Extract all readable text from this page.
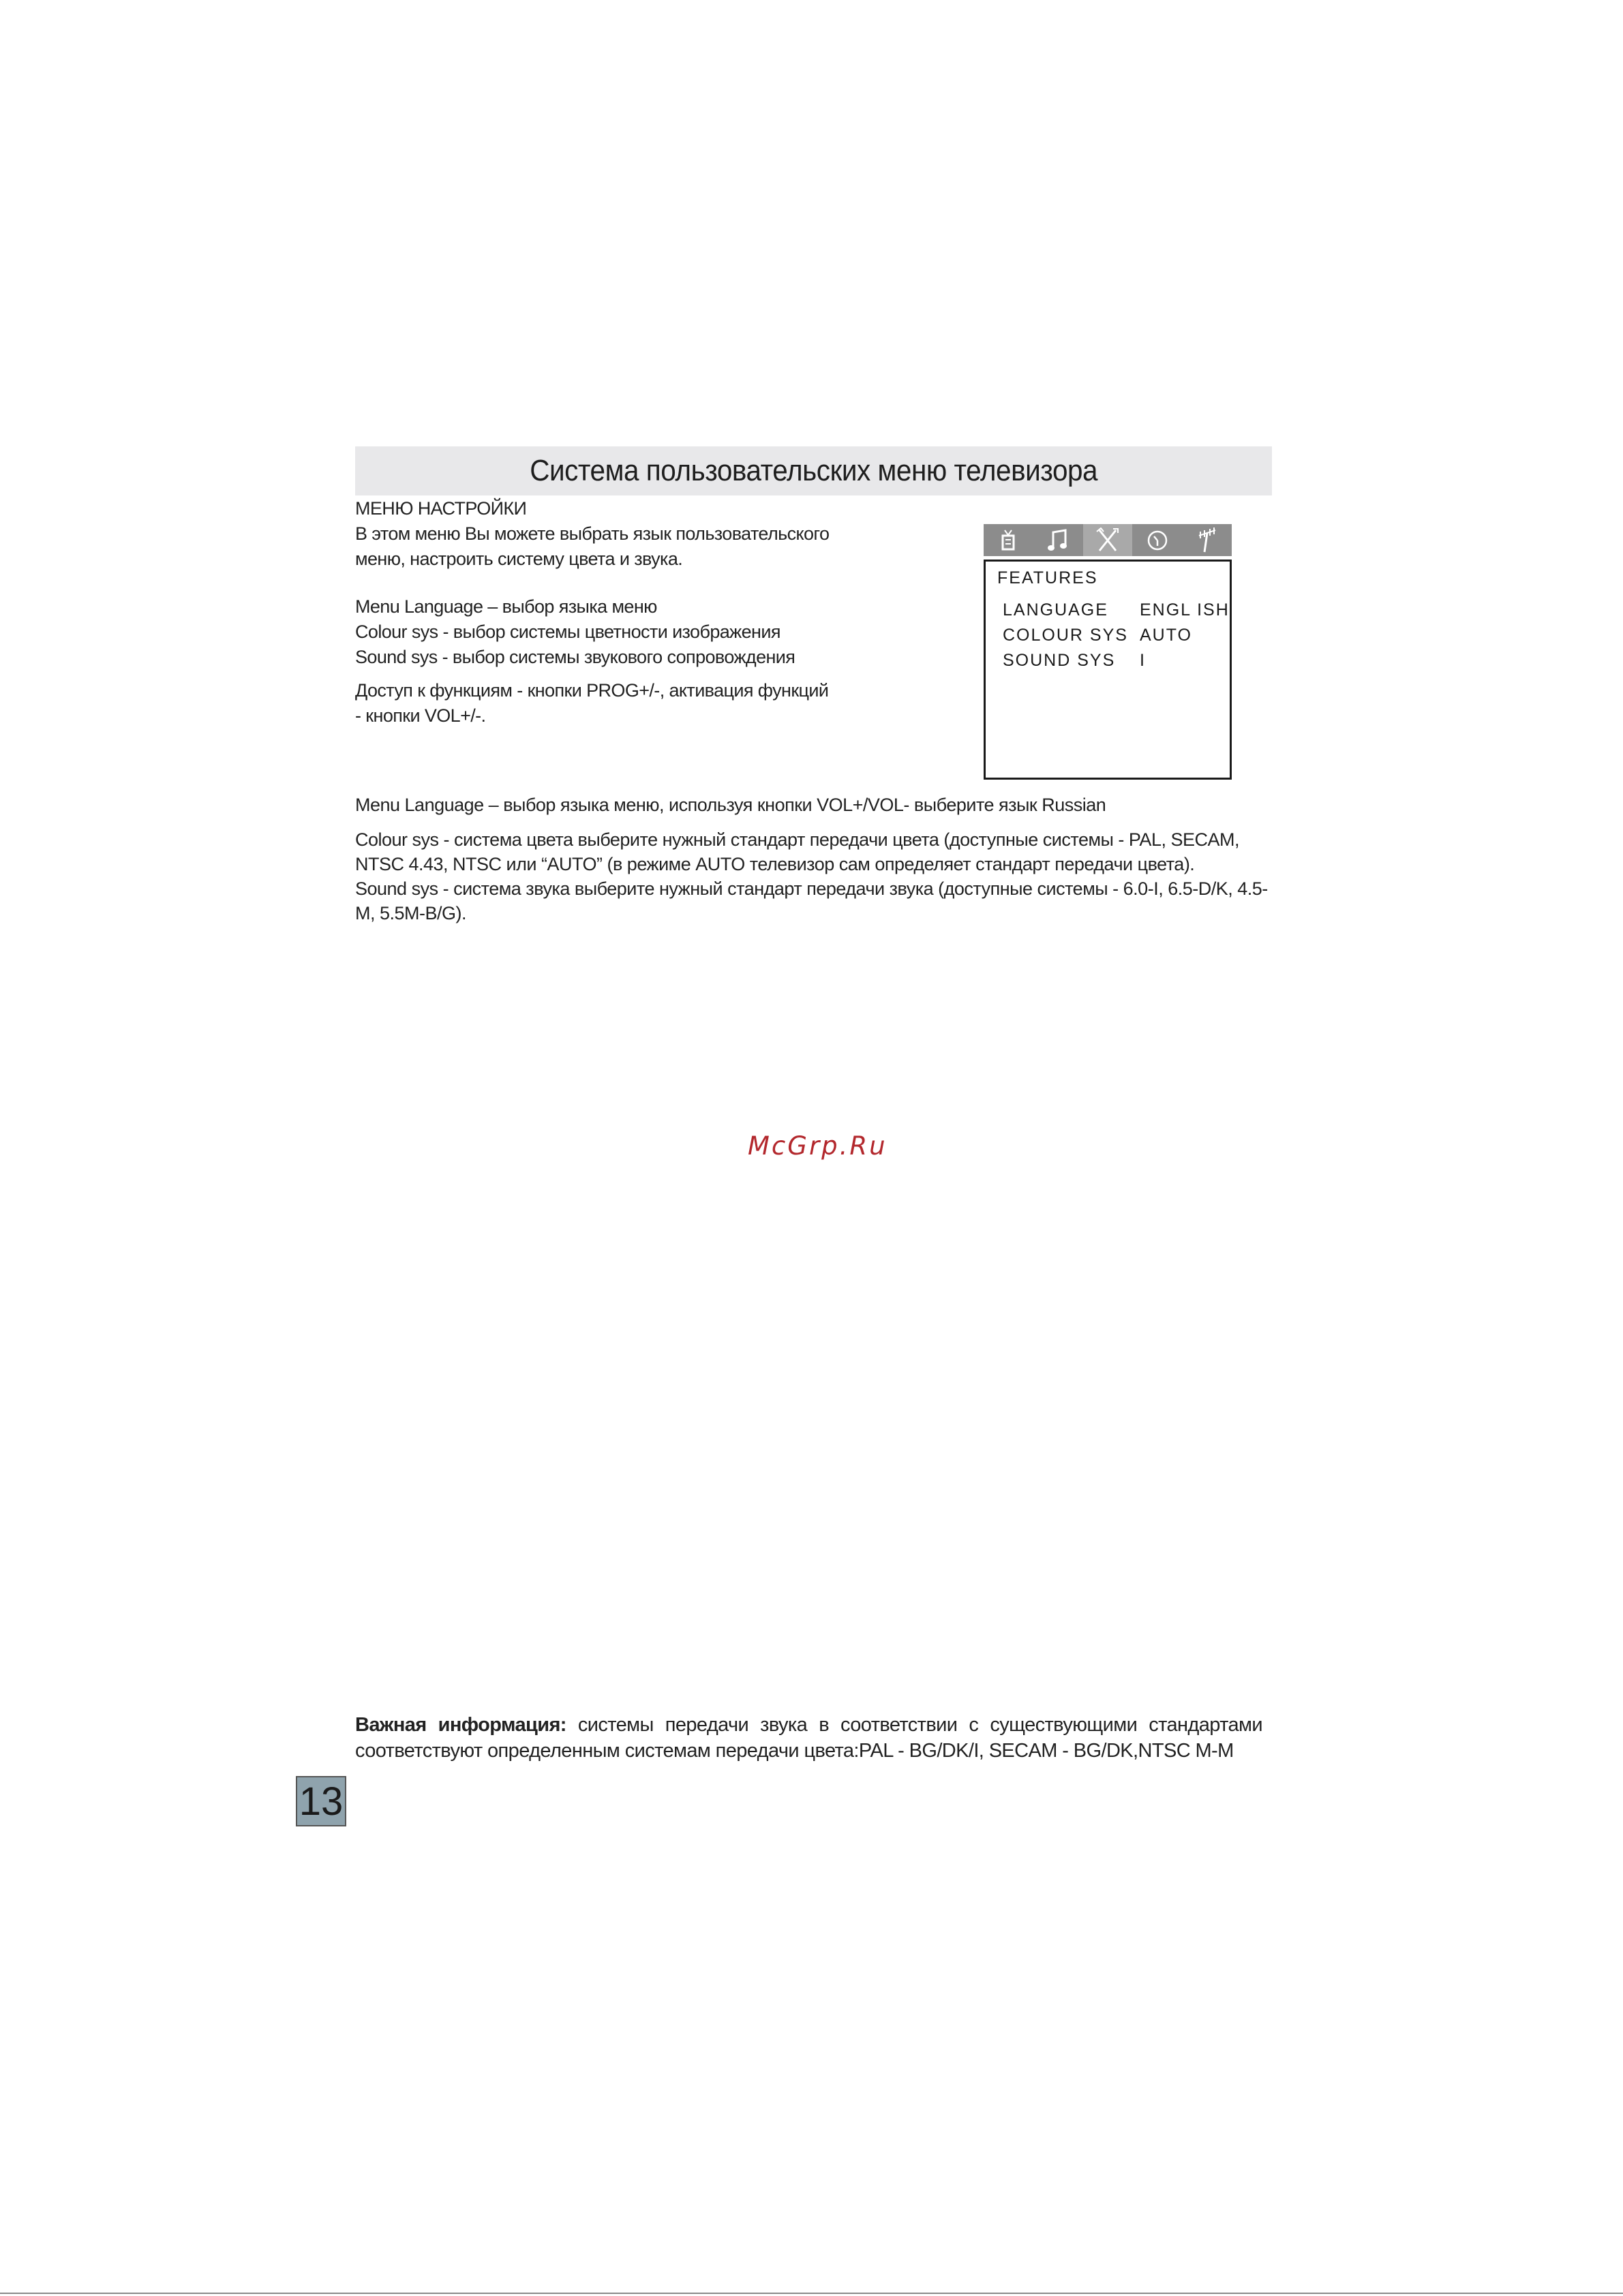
Система пользовательских меню телевизора
МЕНЮ НАСТРОЙКИ
В этом меню Вы можете выбрать язык пользовательского
меню, настроить систему цвета и звука.
Menu Language – выбор языка меню
Colour sys - выбор системы цветности изображения
Sound sys - выбор системы звукового сопровождения
Доступ к функциям - кнопки PROG+/-, активация функций
- кнопки VOL+/-.
FEATURES
LANGUAGE ENGL ISH
COLOUR SYS AUTO
SOUND SYS I
Menu Language – выбор языка меню, используя кнопки VOL+/VOL- выберите язык Russian
Colour sys - система цвета выберите нужный стандарт передачи цвета (доступные системы - PAL, SECAM, NTSC 4.43, NTSC или “AUTO” (в режиме AUTO телевизор сам определяет стандарт передачи цвета).
Sound sys - система звука выберите нужный стандарт передачи звука (доступные системы - 6.0-I, 6.5-D/K, 4.5-M, 5.5M-B/G).
McGrp.Ru
Важная информация: системы передачи звука в соответствии с существующими стандартами соответствуют определенным системам передачи цвета:PAL - BG/DK/I, SECAM - BG/DK,NTSC M-M
13
